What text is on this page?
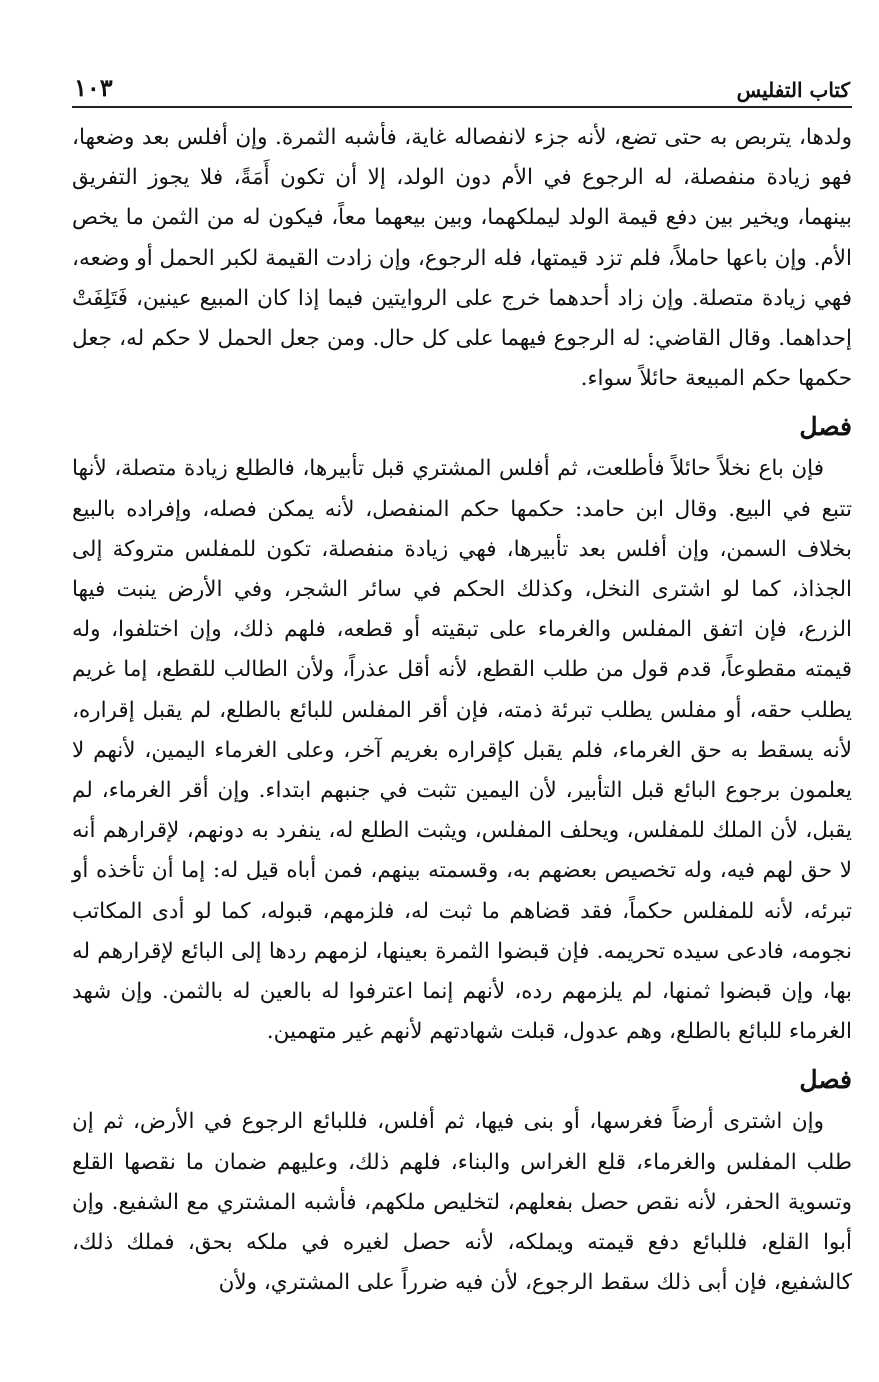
كتاب التفليس
١٠٣

ولدها، يتربص به حتى تضع، لأنه جزء لانفصاله غاية، فأشبه الثمرة. وإن أفلس بعد وضعها، فهو زيادة منفصلة، له الرجوع في الأم دون الولد، إلا أن تكون أَمَةً، فلا يجوز التفريق بينهما، ويخير بين دفع قيمة الولد ليملكهما، وبين بيعهما معاً، فيكون له من الثمن ما يخص الأم. وإن باعها حاملاً، فلم تزد قيمتها، فله الرجوع، وإن زادت القيمة لكبر الحمل أو وضعه، فهي زيادة متصلة. وإن زاد أحدهما خرج على الروايتين فيما إذا كان المبيع عينين، فَتَلِفَتْ إحداهما. وقال القاضي: له الرجوع فيهما على كل حال. ومن جعل الحمل لا حكم له، جعل حكمها حكم المبيعة حائلاً سواء.

فصل

فإن باع نخلاً حائلاً فأطلعت، ثم أفلس المشتري قبل تأبيرها، فالطلع زيادة متصلة، لأنها تتبع في البيع. وقال ابن حامد: حكمها حكم المنفصل، لأنه يمكن فصله، وإفراده بالبيع بخلاف السمن، وإن أفلس بعد تأبيرها، فهي زيادة منفصلة، تكون للمفلس متروكة إلى الجذاذ، كما لو اشترى النخل، وكذلك الحكم في سائر الشجر، وفي الأرض ينبت فيها الزرع، فإن اتفق المفلس والغرماء على تبقيته أو قطعه، فلهم ذلك، وإن اختلفوا، وله قيمته مقطوعاً، قدم قول من طلب القطع، لأنه أقل عذراً، ولأن الطالب للقطع، إما غريم يطلب حقه، أو مفلس يطلب تبرئة ذمته، فإن أقر المفلس للبائع بالطلع، لم يقبل إقراره، لأنه يسقط به حق الغرماء، فلم يقبل كإقراره بغريم آخر، وعلى الغرماء اليمين، لأنهم لا يعلمون برجوع البائع قبل التأبير، لأن اليمين تثبت في جنبهم ابتداء. وإن أقر الغرماء، لم يقبل، لأن الملك للمفلس، ويحلف المفلس، ويثبت الطلع له، ينفرد به دونهم، لإقرارهم أنه لا حق لهم فيه، وله تخصيص بعضهم به، وقسمته بينهم، فمن أباه قيل له: إما أن تأخذه أو تبرئه، لأنه للمفلس حكماً، فقد قضاهم ما ثبت له، فلزمهم، قبوله، كما لو أدى المكاتب نجومه، فادعى سيده تحريمه. فإن قبضوا الثمرة بعينها، لزمهم ردها إلى البائع لإقرارهم له بها، وإن قبضوا ثمنها، لم يلزمهم رده، لأنهم إنما اعترفوا له بالعين له بالثمن. وإن شهد الغرماء للبائع بالطلع، وهم عدول، قبلت شهادتهم لأنهم غير متهمين.

فصل

وإن اشترى أرضاً فغرسها، أو بنى فيها، ثم أفلس، فللبائع الرجوع في الأرض، ثم إن طلب المفلس والغرماء، قلع الغراس والبناء، فلهم ذلك، وعليهم ضمان ما نقصها القلع وتسوية الحفر، لأنه نقص حصل بفعلهم، لتخليص ملكهم، فأشبه المشتري مع الشفيع. وإن أبوا القلع، فللبائع دفع قيمته ويملكه، لأنه حصل لغيره في ملكه بحق، فملك ذلك، كالشفيع، فإن أبى ذلك سقط الرجوع، لأن فيه ضرراً على المشتري، ولأن
